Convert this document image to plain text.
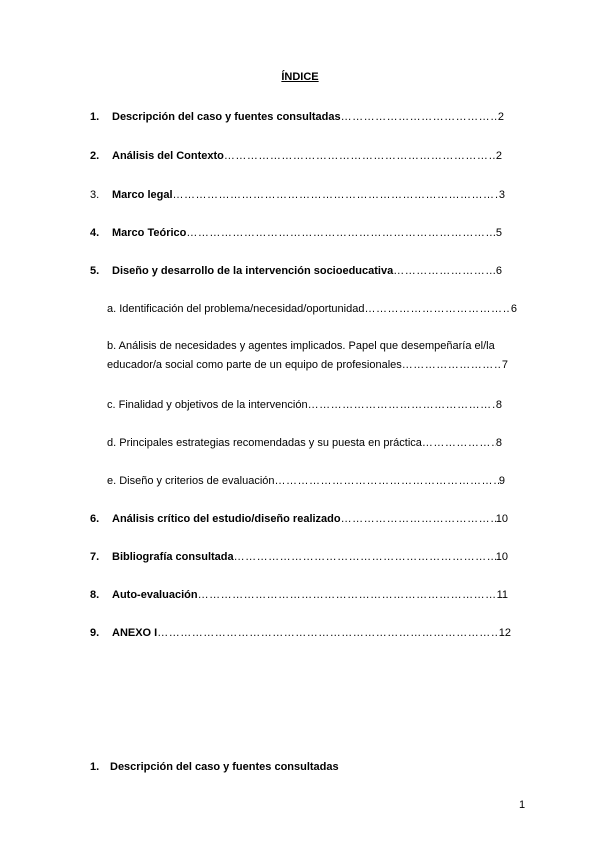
ÍNDICE
1.	Descripción del caso y fuentes consultadas …………………………………………………………………………………………………………………………………………………………………………………………	2
2.	Análisis del Contexto …………………………………………………………………………………………………………………………………………………………………………………………	2
3.	Marco legal …………………………………………………………………………………………………………………………………………………………………………………………	3
4.	Marco Teórico …………………………………………………………………………………………………………………………………………………………………………………………	5
5.	Diseño y desarrollo de la intervención socioeducativa …………………………………………………………………………………………………………………………………………………………………………………………	6
a. Identificación del problema/necesidad/oportunidad …………………………………………………………………………………………………………………………………………………………………………………………	6
b. Análisis de necesidades y agentes implicados. Papel que desempeñaría el/la
educador/a social como parte de un equipo de profesionales …………………………………………………………………………………………………………………………………………………………………………………………	7
c. Finalidad y objetivos de la intervención …………………………………………………………………………………………………………………………………………………………………………………………	8
d. Principales estrategias recomendadas y su puesta en práctica …………………………………………………………………………………………………………………………………………………………………………………………	8
e. Diseño y criterios de evaluación …………………………………………………………………………………………………………………………………………………………………………………………	9
6.	Análisis crítico del estudio/diseño realizado …………………………………………………………………………………………………………………………………………………………………………………………	10
7.	Bibliografía consultada …………………………………………………………………………………………………………………………………………………………………………………………	10
8.	Auto-evaluación …………………………………………………………………………………………………………………………………………………………………………………………	11
9.	ANEXO I …………………………………………………………………………………………………………………………………………………………………………………………	12
1. Descripción del caso y fuentes consultadas
1
